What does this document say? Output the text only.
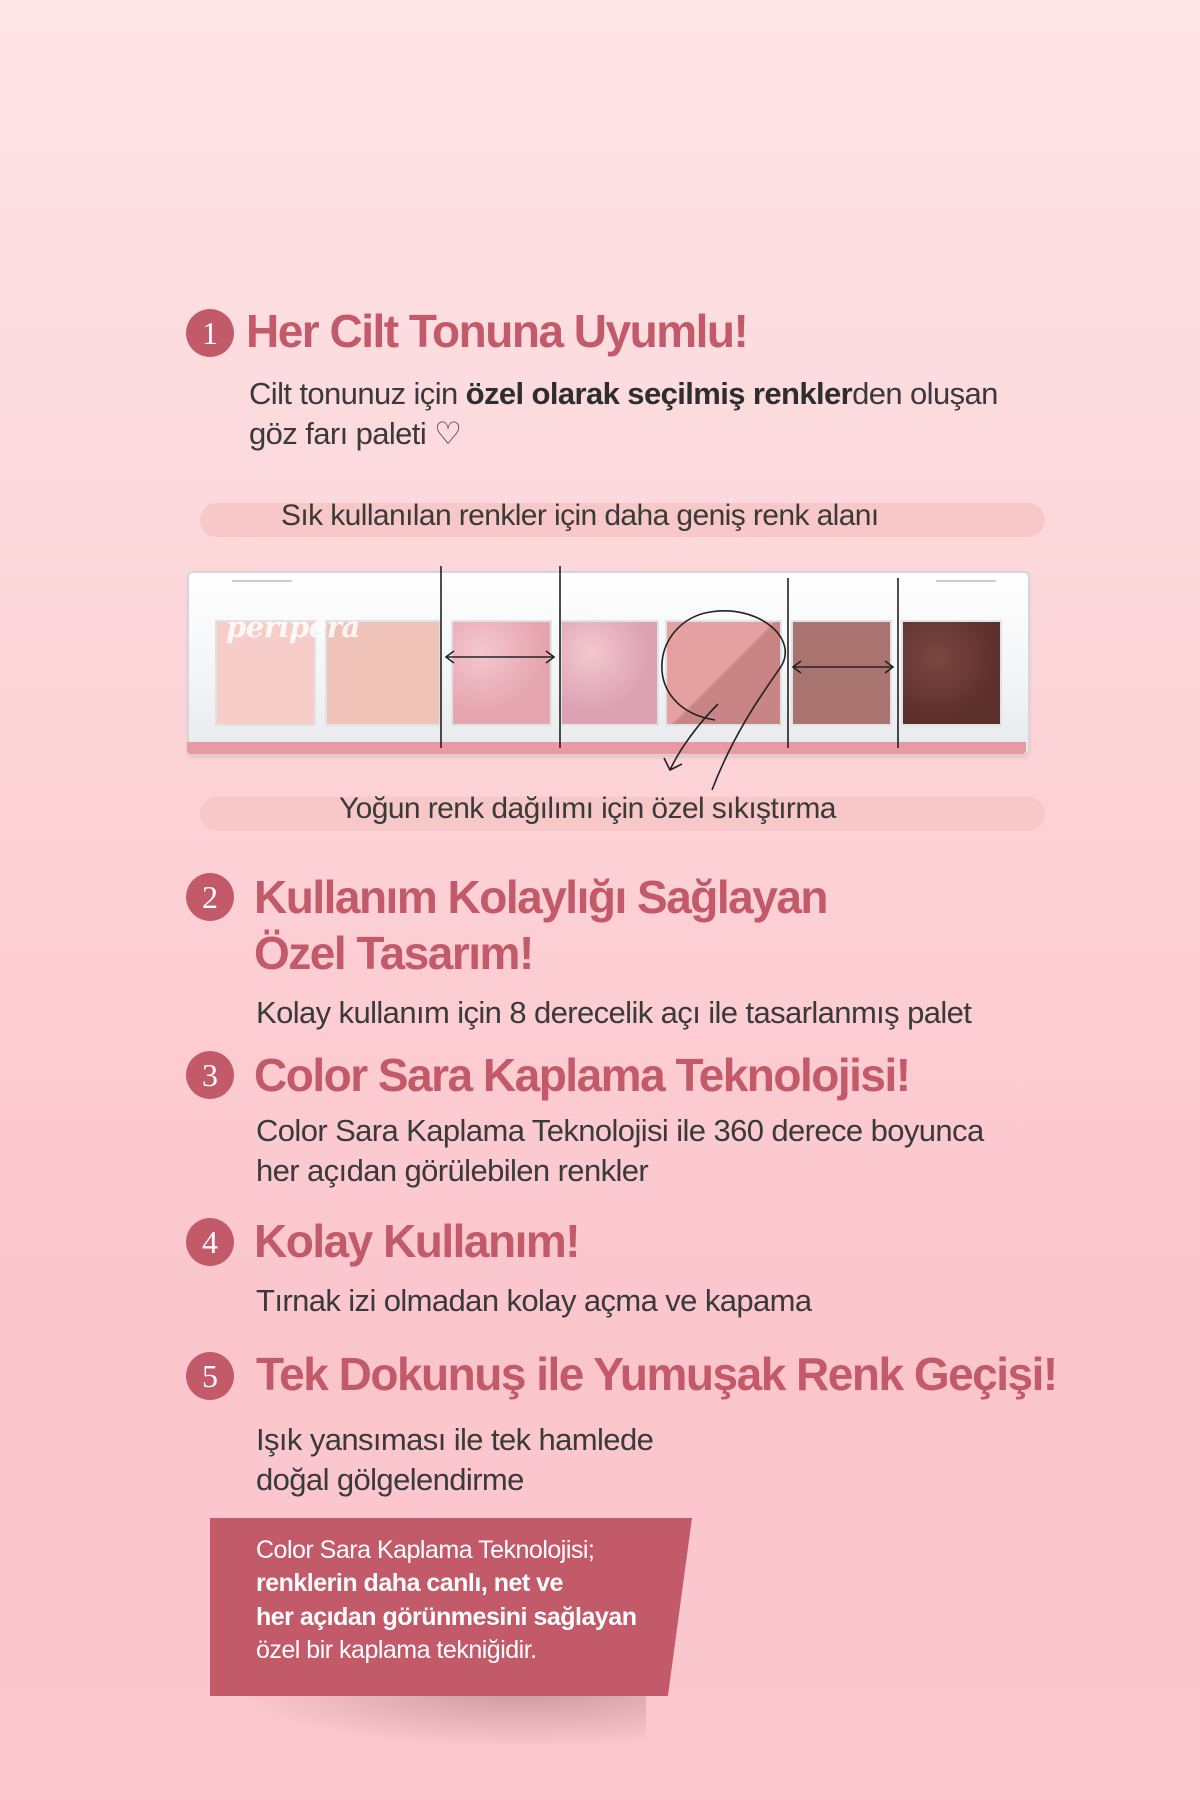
1 Her Cilt Tonuna Uyumlu!
Cilt tonunuz için özel olarak seçilmiş renklerden oluşan
göz farı paleti ♡
Sık kullanılan renkler için daha geniş renk alanı
peripera
Yoğun renk dağılımı için özel sıkıştırma
2 Kullanım Kolaylığı Sağlayan
Özel Tasarım!
Kolay kullanım için 8 derecelik açı ile tasarlanmış palet
3 Color Sara Kaplama Teknolojisi!
Color Sara Kaplama Teknolojisi ile 360 derece boyunca
her açıdan görülebilen renkler
4 Kolay Kullanım!
Tırnak izi olmadan kolay açma ve kapama
5 Tek Dokunuş ile Yumuşak Renk Geçişi!
Işık yansıması ile tek hamlede
doğal gölgelendirme
Color Sara Kaplama Teknolojisi;
renklerin daha canlı, net ve
her açıdan görünmesini sağlayan
özel bir kaplama tekniğidir.
